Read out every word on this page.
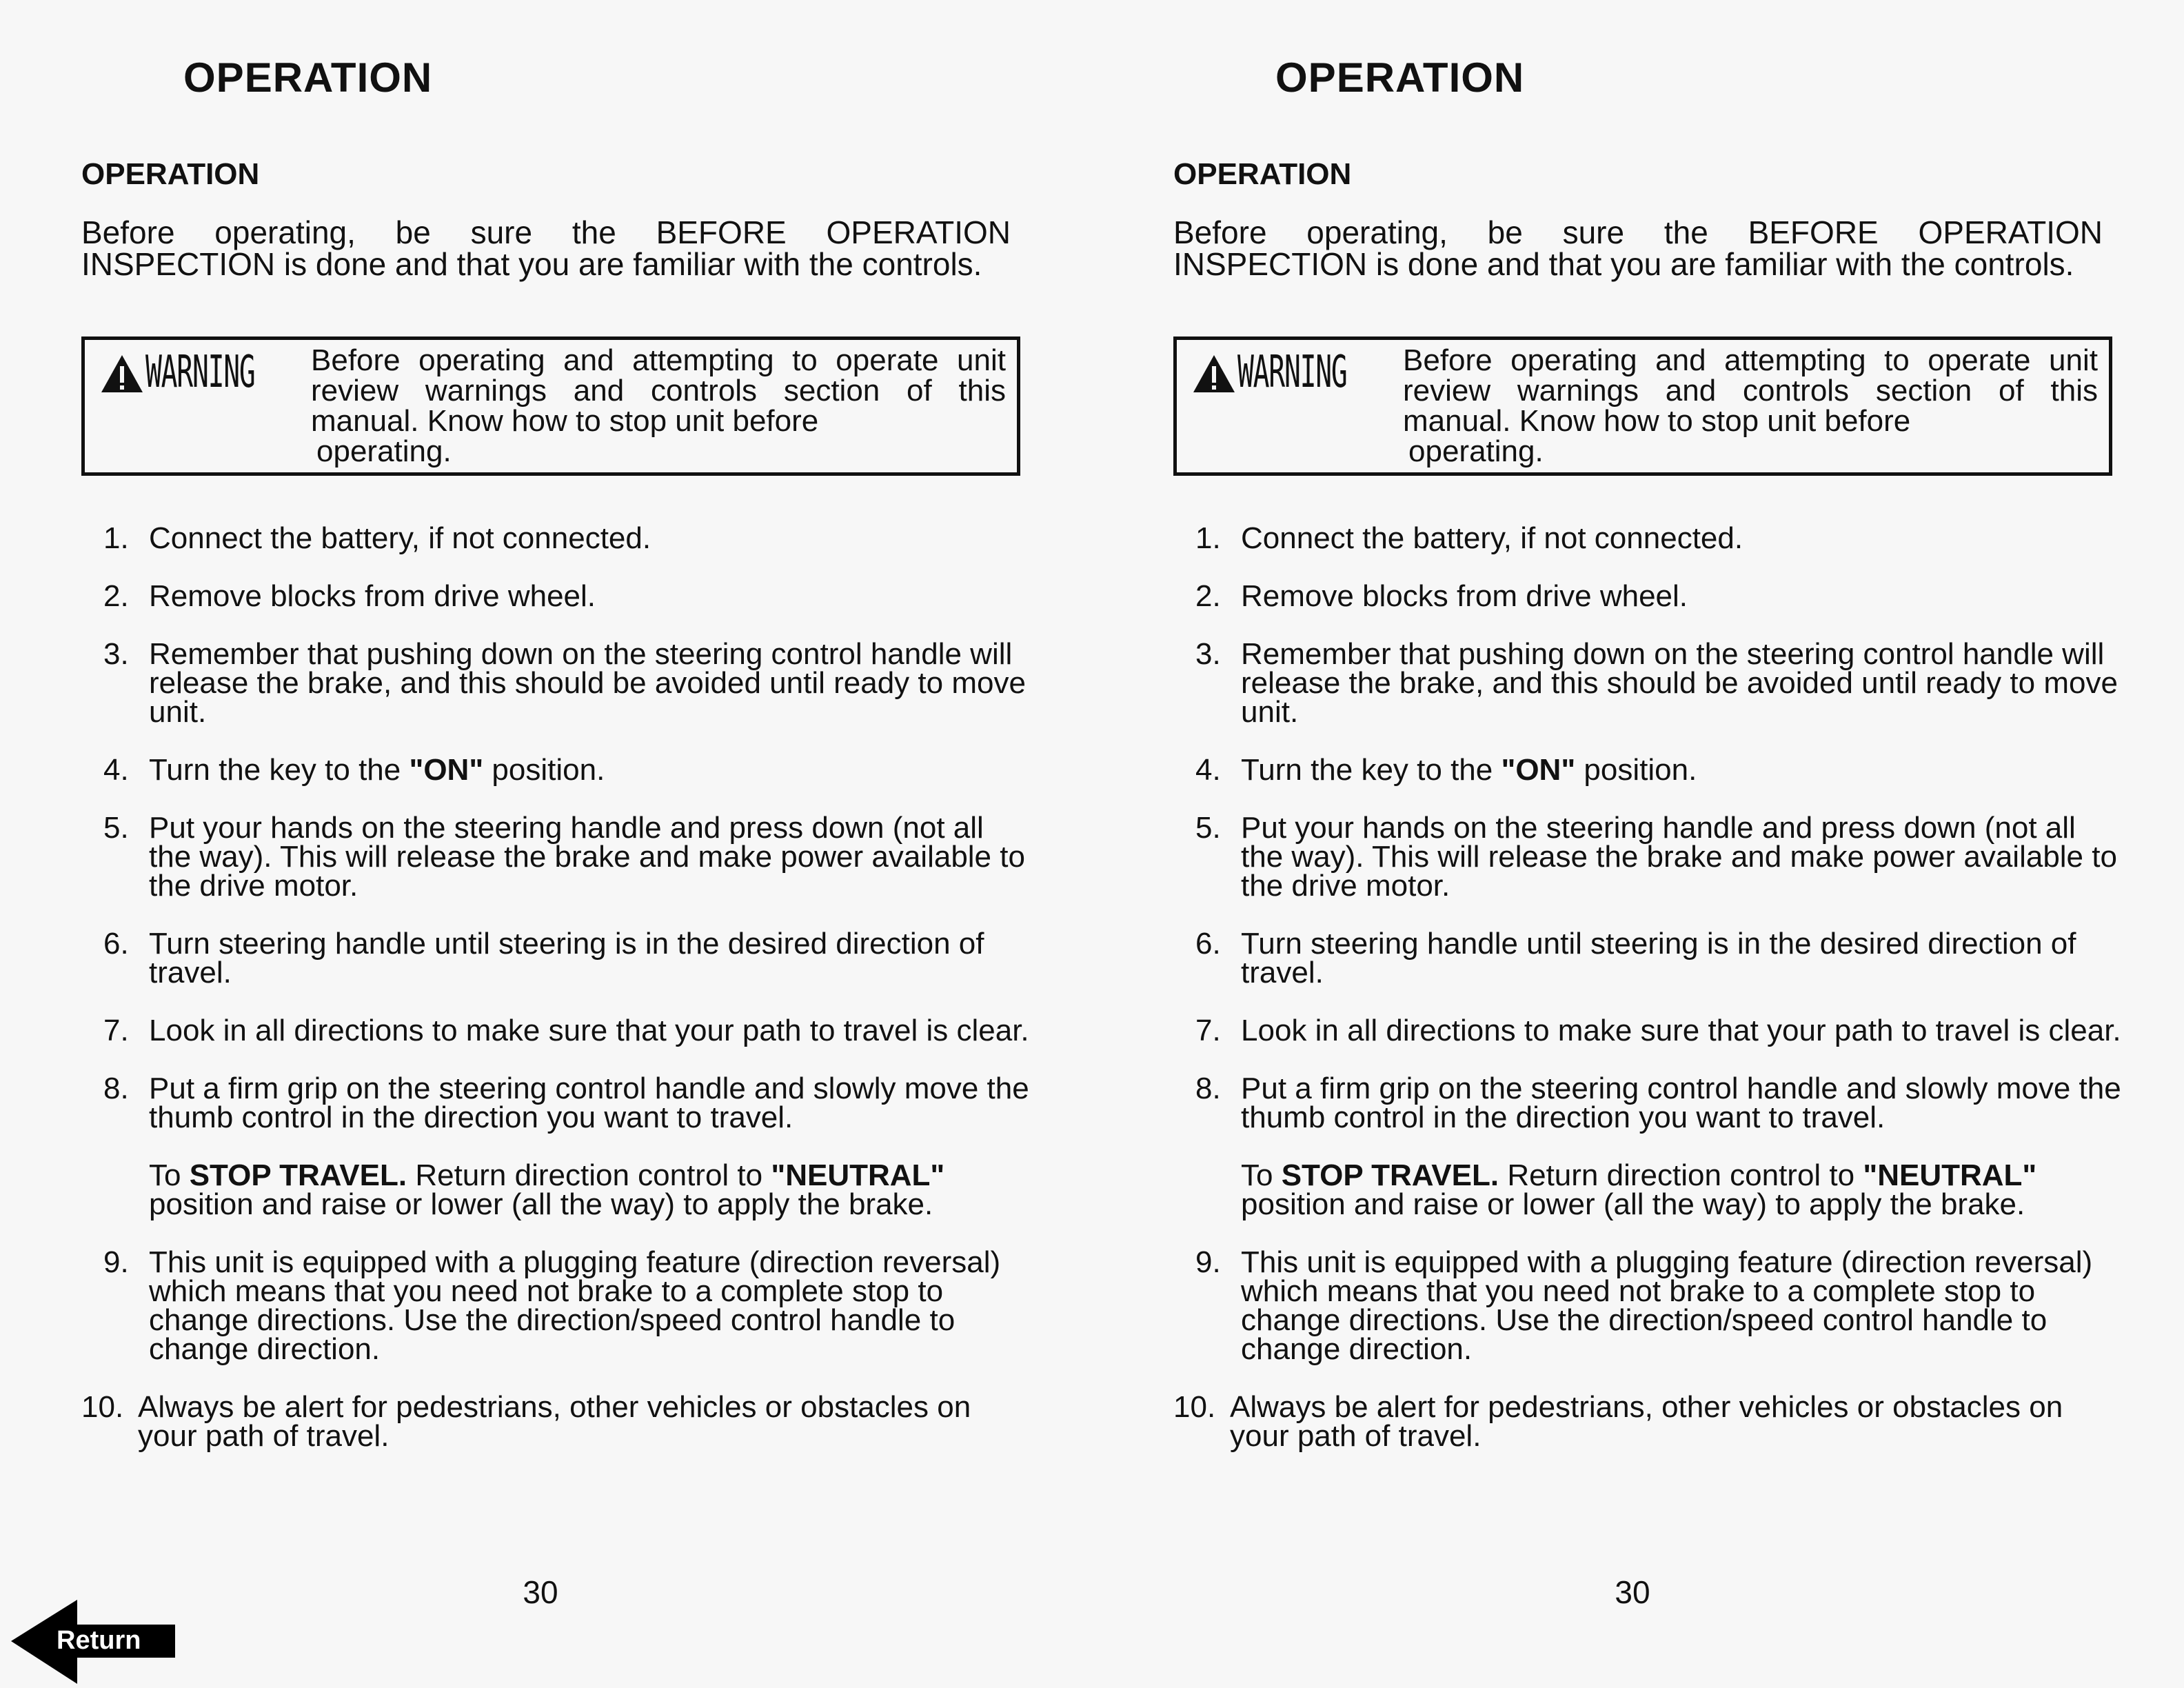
OPERATION
OPERATION
Before operating, be sure the BEFORE OPERATION
INSPECTION is done and that you are familiar with the controls.
WARNING Before operating and attempting to operate unit
review warnings and controls section of this
manual. Know how to stop unit before
operating.
1. Connect the battery, if not connected.
2. Remove blocks from drive wheel.
3. Remember that pushing down on the steering control handle will release the brake, and this should be avoided until ready to move unit.
4. Turn the key to the "ON" position.
5. Put your hands on the steering handle and press down (not all the way). This will release the brake and make power available to the drive motor.
6. Turn steering handle until steering is in the desired direction of travel.
7. Look in all directions to make sure that your path to travel is clear.
8. Put a firm grip on the steering control handle and slowly move the thumb control in the direction you want to travel.
To STOP TRAVEL. Return direction control to "NEUTRAL" position and raise or lower (all the way) to apply the brake.
9. This unit is equipped with a plugging feature (direction reversal) which means that you need not brake to a complete stop to change directions. Use the direction/speed control handle to change direction.
10. Always be alert for pedestrians, other vehicles or obstacles on your path of travel.
30
OPERATION
OPERATION
Before operating, be sure the BEFORE OPERATION
INSPECTION is done and that you are familiar with the controls.
WARNING Before operating and attempting to operate unit
review warnings and controls section of this
manual. Know how to stop unit before
operating.
1. Connect the battery, if not connected.
2. Remove blocks from drive wheel.
3. Remember that pushing down on the steering control handle will release the brake, and this should be avoided until ready to move unit.
4. Turn the key to the "ON" position.
5. Put your hands on the steering handle and press down (not all the way). This will release the brake and make power available to the drive motor.
6. Turn steering handle until steering is in the desired direction of travel.
7. Look in all directions to make sure that your path to travel is clear.
8. Put a firm grip on the steering control handle and slowly move the thumb control in the direction you want to travel.
To STOP TRAVEL. Return direction control to "NEUTRAL" position and raise or lower (all the way) to apply the brake.
9. This unit is equipped with a plugging feature (direction reversal) which means that you need not brake to a complete stop to change directions. Use the direction/speed control handle to change direction.
10. Always be alert for pedestrians, other vehicles or obstacles on your path of travel.
30
Return
